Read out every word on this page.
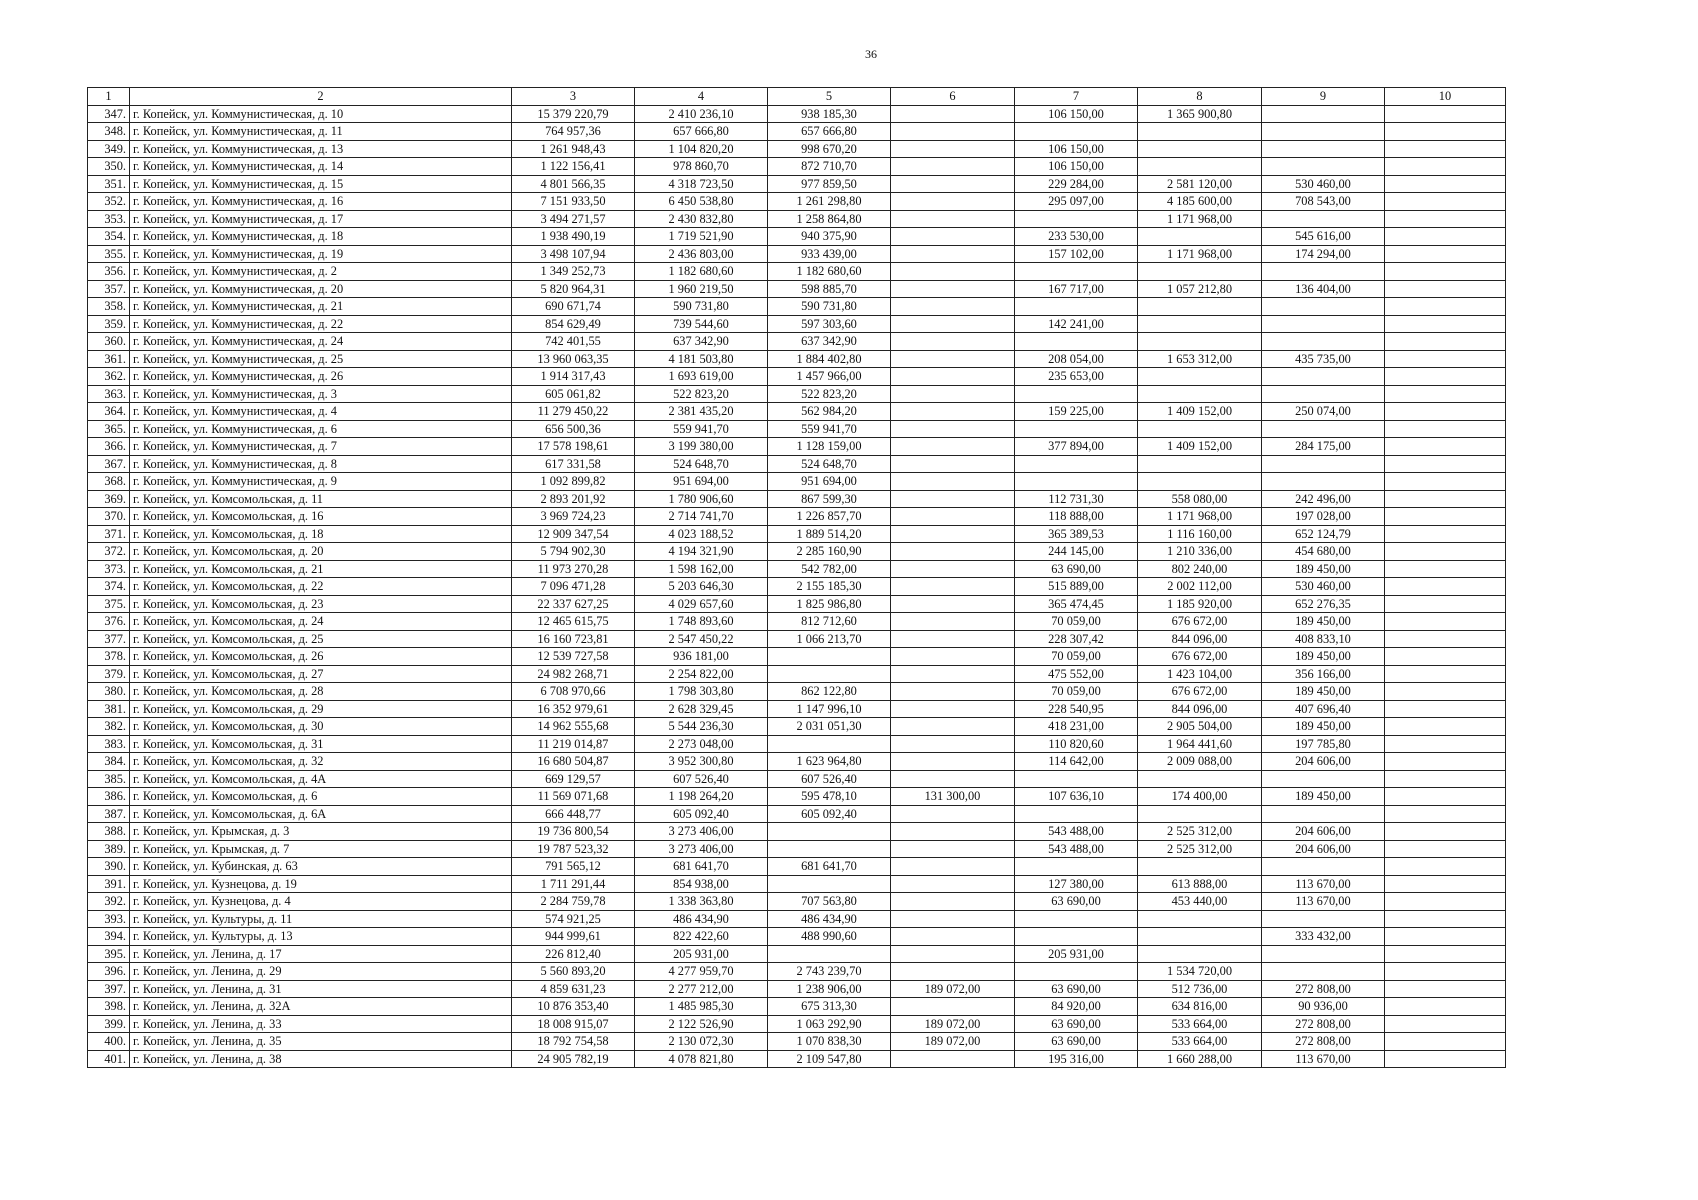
36
1	2	3	4	5	6	7	8	9	10
347.	г. Копейск, ул. Коммунистическая, д. 10	15 379 220,79	2 410 236,10	938 185,30		106 150,00	1 365 900,80		
348.	г. Копейск, ул. Коммунистическая, д. 11	764 957,36	657 666,80	657 666,80					
349.	г. Копейск, ул. Коммунистическая, д. 13	1 261 948,43	1 104 820,20	998 670,20		106 150,00			
350.	г. Копейск, ул. Коммунистическая, д. 14	1 122 156,41	978 860,70	872 710,70		106 150,00			
351.	г. Копейск, ул. Коммунистическая, д. 15	4 801 566,35	4 318 723,50	977 859,50		229 284,00	2 581 120,00	530 460,00	
352.	г. Копейск, ул. Коммунистическая, д. 16	7 151 933,50	6 450 538,80	1 261 298,80		295 097,00	4 185 600,00	708 543,00	
353.	г. Копейск, ул. Коммунистическая, д. 17	3 494 271,57	2 430 832,80	1 258 864,80			1 171 968,00		
354.	г. Копейск, ул. Коммунистическая, д. 18	1 938 490,19	1 719 521,90	940 375,90		233 530,00		545 616,00	
355.	г. Копейск, ул. Коммунистическая, д. 19	3 498 107,94	2 436 803,00	933 439,00		157 102,00	1 171 968,00	174 294,00	
356.	г. Копейск, ул. Коммунистическая, д. 2	1 349 252,73	1 182 680,60	1 182 680,60					
357.	г. Копейск, ул. Коммунистическая, д. 20	5 820 964,31	1 960 219,50	598 885,70		167 717,00	1 057 212,80	136 404,00	
358.	г. Копейск, ул. Коммунистическая, д. 21	690 671,74	590 731,80	590 731,80					
359.	г. Копейск, ул. Коммунистическая, д. 22	854 629,49	739 544,60	597 303,60		142 241,00			
360.	г. Копейск, ул. Коммунистическая, д. 24	742 401,55	637 342,90	637 342,90					
361.	г. Копейск, ул. Коммунистическая, д. 25	13 960 063,35	4 181 503,80	1 884 402,80		208 054,00	1 653 312,00	435 735,00	
362.	г. Копейск, ул. Коммунистическая, д. 26	1 914 317,43	1 693 619,00	1 457 966,00		235 653,00			
363.	г. Копейск, ул. Коммунистическая, д. 3	605 061,82	522 823,20	522 823,20					
364.	г. Копейск, ул. Коммунистическая, д. 4	11 279 450,22	2 381 435,20	562 984,20		159 225,00	1 409 152,00	250 074,00	
365.	г. Копейск, ул. Коммунистическая, д. 6	656 500,36	559 941,70	559 941,70					
366.	г. Копейск, ул. Коммунистическая, д. 7	17 578 198,61	3 199 380,00	1 128 159,00		377 894,00	1 409 152,00	284 175,00	
367.	г. Копейск, ул. Коммунистическая, д. 8	617 331,58	524 648,70	524 648,70					
368.	г. Копейск, ул. Коммунистическая, д. 9	1 092 899,82	951 694,00	951 694,00					
369.	г. Копейск, ул. Комсомольская, д. 11	2 893 201,92	1 780 906,60	867 599,30		112 731,30	558 080,00	242 496,00	
370.	г. Копейск, ул. Комсомольская, д. 16	3 969 724,23	2 714 741,70	1 226 857,70		118 888,00	1 171 968,00	197 028,00	
371.	г. Копейск, ул. Комсомольская, д. 18	12 909 347,54	4 023 188,52	1 889 514,20		365 389,53	1 116 160,00	652 124,79	
372.	г. Копейск, ул. Комсомольская, д. 20	5 794 902,30	4 194 321,90	2 285 160,90		244 145,00	1 210 336,00	454 680,00	
373.	г. Копейск, ул. Комсомольская, д. 21	11 973 270,28	1 598 162,00	542 782,00		63 690,00	802 240,00	189 450,00	
374.	г. Копейск, ул. Комсомольская, д. 22	7 096 471,28	5 203 646,30	2 155 185,30		515 889,00	2 002 112,00	530 460,00	
375.	г. Копейск, ул. Комсомольская, д. 23	22 337 627,25	4 029 657,60	1 825 986,80		365 474,45	1 185 920,00	652 276,35	
376.	г. Копейск, ул. Комсомольская, д. 24	12 465 615,75	1 748 893,60	812 712,60		70 059,00	676 672,00	189 450,00	
377.	г. Копейск, ул. Комсомольская, д. 25	16 160 723,81	2 547 450,22	1 066 213,70		228 307,42	844 096,00	408 833,10	
378.	г. Копейск, ул. Комсомольская, д. 26	12 539 727,58	936 181,00			70 059,00	676 672,00	189 450,00	
379.	г. Копейск, ул. Комсомольская, д. 27	24 982 268,71	2 254 822,00			475 552,00	1 423 104,00	356 166,00	
380.	г. Копейск, ул. Комсомольская, д. 28	6 708 970,66	1 798 303,80	862 122,80		70 059,00	676 672,00	189 450,00	
381.	г. Копейск, ул. Комсомольская, д. 29	16 352 979,61	2 628 329,45	1 147 996,10		228 540,95	844 096,00	407 696,40	
382.	г. Копейск, ул. Комсомольская, д. 30	14 962 555,68	5 544 236,30	2 031 051,30		418 231,00	2 905 504,00	189 450,00	
383.	г. Копейск, ул. Комсомольская, д. 31	11 219 014,87	2 273 048,00			110 820,60	1 964 441,60	197 785,80	
384.	г. Копейск, ул. Комсомольская, д. 32	16 680 504,87	3 952 300,80	1 623 964,80		114 642,00	2 009 088,00	204 606,00	
385.	г. Копейск, ул. Комсомольская, д. 4А	669 129,57	607 526,40	607 526,40					
386.	г. Копейск, ул. Комсомольская, д. 6	11 569 071,68	1 198 264,20	595 478,10	131 300,00	107 636,10	174 400,00	189 450,00	
387.	г. Копейск, ул. Комсомольская, д. 6А	666 448,77	605 092,40	605 092,40					
388.	г. Копейск, ул. Крымская, д. 3	19 736 800,54	3 273 406,00			543 488,00	2 525 312,00	204 606,00	
389.	г. Копейск, ул. Крымская, д. 7	19 787 523,32	3 273 406,00			543 488,00	2 525 312,00	204 606,00	
390.	г. Копейск, ул. Кубинская, д. 63	791 565,12	681 641,70	681 641,70					
391.	г. Копейск, ул. Кузнецова, д. 19	1 711 291,44	854 938,00			127 380,00	613 888,00	113 670,00	
392.	г. Копейск, ул. Кузнецова, д. 4	2 284 759,78	1 338 363,80	707 563,80		63 690,00	453 440,00	113 670,00	
393.	г. Копейск, ул. Культуры, д. 11	574 921,25	486 434,90	486 434,90					
394.	г. Копейск, ул. Культуры, д. 13	944 999,61	822 422,60	488 990,60				333 432,00	
395.	г. Копейск, ул. Ленина, д. 17	226 812,40	205 931,00			205 931,00			
396.	г. Копейск, ул. Ленина, д. 29	5 560 893,20	4 277 959,70	2 743 239,70			1 534 720,00		
397.	г. Копейск, ул. Ленина, д. 31	4 859 631,23	2 277 212,00	1 238 906,00	189 072,00	63 690,00	512 736,00	272 808,00	
398.	г. Копейск, ул. Ленина, д. 32А	10 876 353,40	1 485 985,30	675 313,30		84 920,00	634 816,00	90 936,00	
399.	г. Копейск, ул. Ленина, д. 33	18 008 915,07	2 122 526,90	1 063 292,90	189 072,00	63 690,00	533 664,00	272 808,00	
400.	г. Копейск, ул. Ленина, д. 35	18 792 754,58	2 130 072,30	1 070 838,30	189 072,00	63 690,00	533 664,00	272 808,00	
401.	г. Копейск, ул. Ленина, д. 38	24 905 782,19	4 078 821,80	2 109 547,80		195 316,00	1 660 288,00	113 670,00	
